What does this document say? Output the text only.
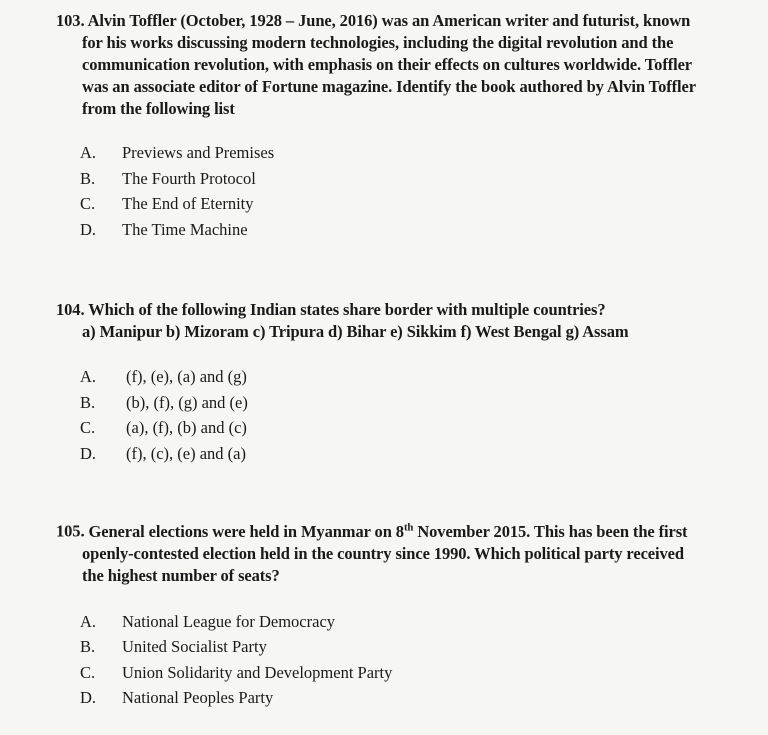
103. Alvin Toffler (October, 1928 – June, 2016) was an American writer and futurist, known
for his works discussing modern technologies, including the digital revolution and the
communication revolution, with emphasis on their effects on cultures worldwide. Toffler
was an associate editor of Fortune magazine. Identify the book authored by Alvin Toffler
from the following list
A. Previews and Premises
B. The Fourth Protocol
C. The End of Eternity
D. The Time Machine
104. Which of the following Indian states share border with multiple countries?
a) Manipur b) Mizoram c) Tripura d) Bihar e) Sikkim f) West Bengal g) Assam
A. (f), (e), (a) and (g)
B. (b), (f), (g) and (e)
C. (a), (f), (b) and (c)
D. (f), (c), (e) and (a)
105. General elections were held in Myanmar on 8th November 2015. This has been the first
openly-contested election held in the country since 1990. Which political party received
the highest number of seats?
A. National League for Democracy
B. United Socialist Party
C. Union Solidarity and Development Party
D. National Peoples Party
